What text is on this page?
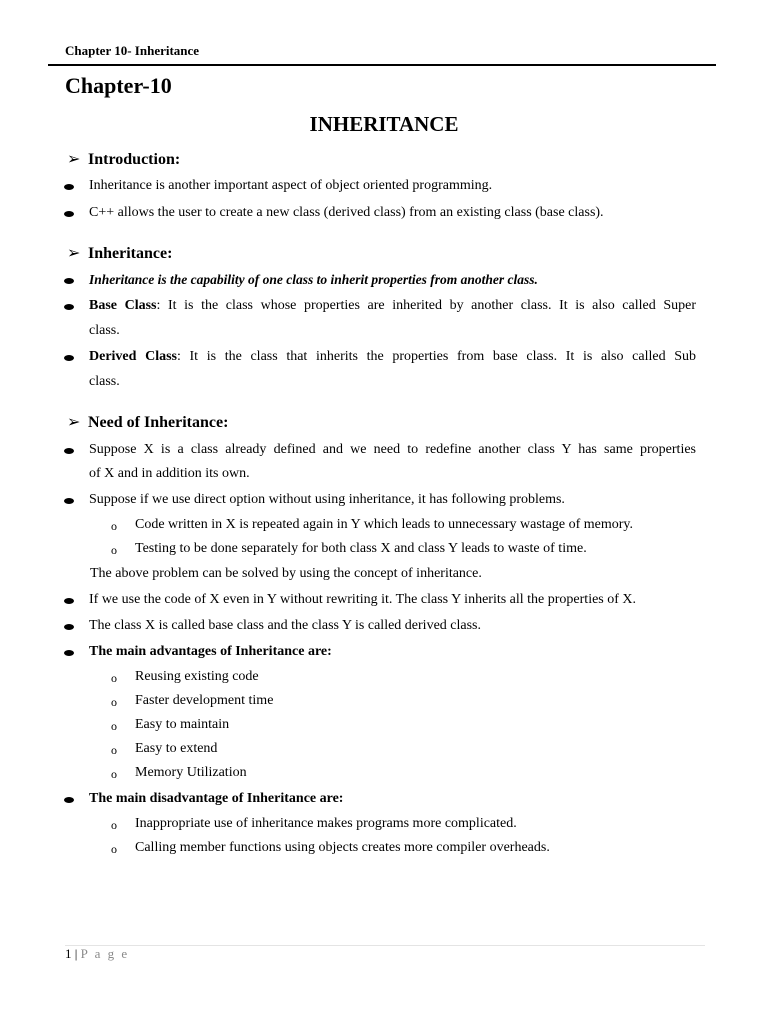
Chapter 10- Inheritance
Chapter-10
INHERITANCE
➢ Introduction:
Inheritance is another important aspect of object oriented programming.
C++ allows the user to create a new class (derived class) from an existing class (base class).
➢ Inheritance:
Inheritance is the capability of one class to inherit properties from another class.
Base Class: It is the class whose properties are inherited by another class. It is also called Super
class.
Derived Class: It is the class that inherits the properties from base class. It is also called Sub
class.
➢ Need of Inheritance:
Suppose X is a class already defined and we need to redefine another class Y has same properties
of X and in addition its own.
Suppose if we use direct option without using inheritance, it has following problems.
o Code written in X is repeated again in Y which leads to unnecessary wastage of memory.
o Testing to be done separately for both class X and class Y leads to waste of time.
The above problem can be solved by using the concept of inheritance.
If we use the code of X even in Y without rewriting it. The class Y inherits all the properties of X.
The class X is called base class and the class Y is called derived class.
The main advantages of Inheritance are:
o Reusing existing code
o Faster development time
o Easy to maintain
o Easy to extend
o Memory Utilization
The main disadvantage of Inheritance are:
o Inappropriate use of inheritance makes programs more complicated.
o Calling member functions using objects creates more compiler overheads.
1 | P a g e
